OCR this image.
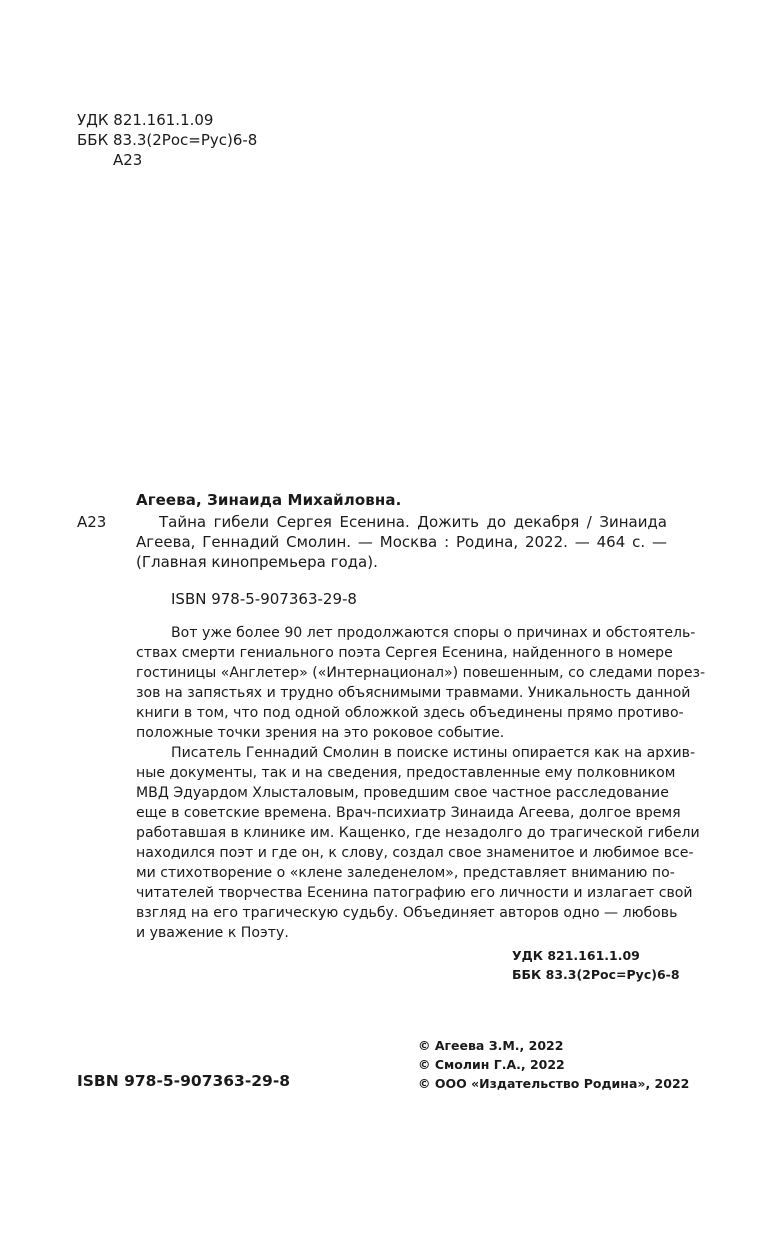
УДК 821.161.1.09
ББК 83.3(2Рос=Рус)6-8
А23
Агеева, Зинаида Михайловна.
А23	Тайна гибели Сергея Есенина. Дожить до декабря / Зинаида
Агеева, Геннадий Смолин. — Москва : Родина, 2022. — 464 с. —
(Главная кинопремьера года).
ISBN 978-5-907363-29-8
Вот уже более 90 лет продолжаются споры о причинах и обстоятель-
ствах смерти гениального поэта Сергея Есенина, найденного в номере
гостиницы «Англетер» («Интернационал») повешенным, со следами порез-
зов на запястьях и трудно объяснимыми травмами. Уникальность данной
книги в том, что под одной обложкой здесь объединены прямо противо-
положные точки зрения на это роковое событие.
Писатель Геннадий Смолин в поиске истины опирается как на архив-
ные документы, так и на сведения, предоставленные ему полковником
МВД Эдуардом Хлысталовым, проведшим свое частное расследование
еще в советские времена. Врач-психиатр Зинаида Агеева, долгое время
работавшая в клинике им. Кащенко, где незадолго до трагической гибели
находился поэт и где он, к слову, создал свое знаменитое и любимое все-
ми стихотворение о «клене заледенелом», представляет вниманию по-
читателей творчества Есенина патографию его личности и излагает свой
взгляд на его трагическую судьбу. Объединяет авторов одно — любовь
и уважение к Поэту.
УДК 821.161.1.09
ББК 83.3(2Рос=Рус)6-8
© Агеева З.М., 2022
© Смолин Г.А., 2022
© ООО «Издательство Родина», 2022
ISBN 978-5-907363-29-8
